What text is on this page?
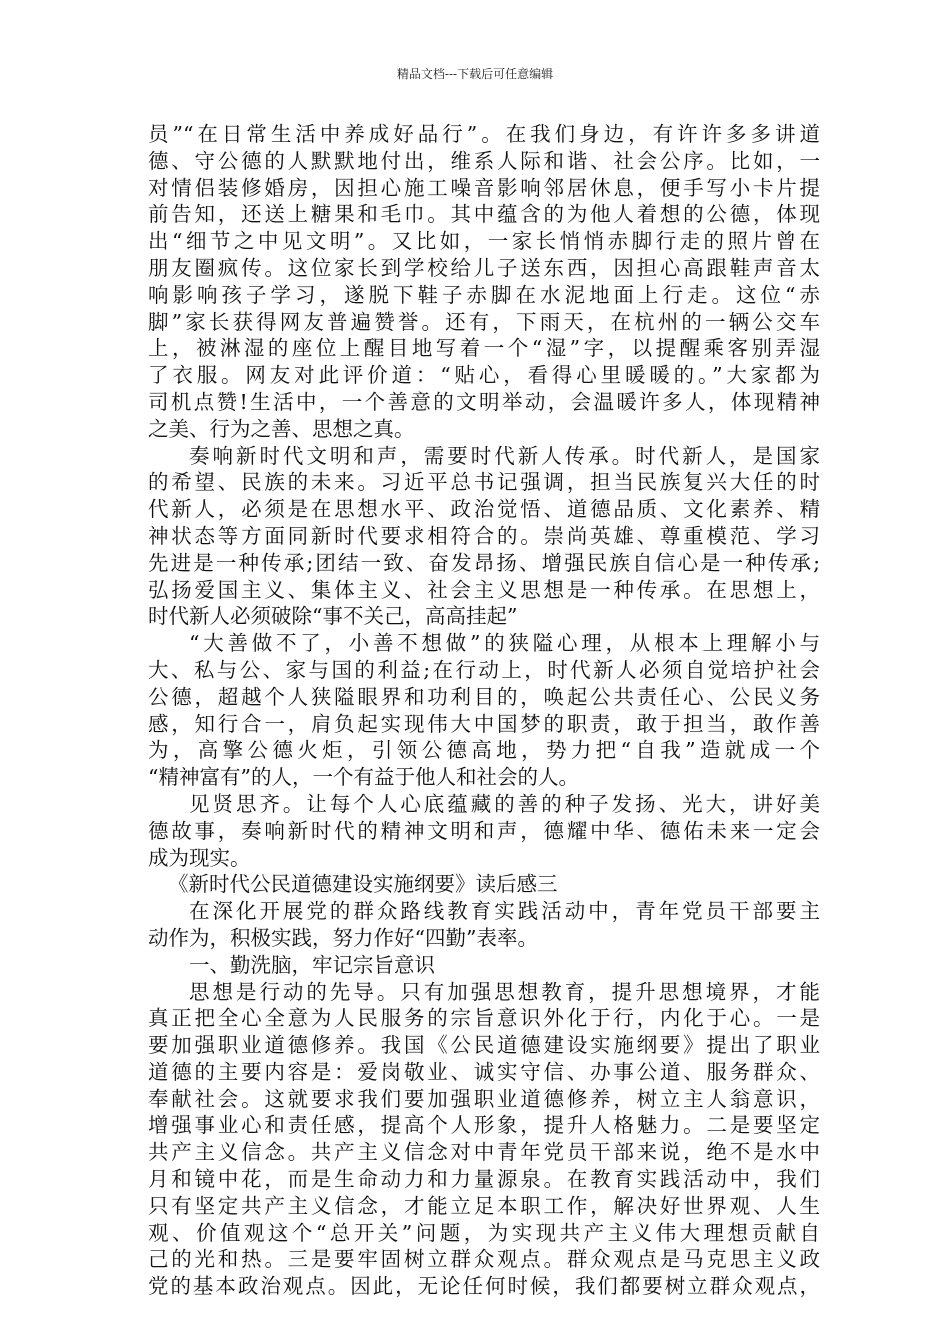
精品文档---下载后可任意编辑
员”“在日常生活中养成好品行”。在我们身边，有许许多多讲道
德、守公德的人默默地付出，维系人际和谐、社会公序。比如，一
对情侣装修婚房，因担心施工噪音影响邻居休息，便手写小卡片提
前告知，还送上糖果和毛巾。其中蕴含的为他人着想的公德，体现
出“细节之中见文明”。又比如，一家长悄悄赤脚行走的照片曾在
朋友圈疯传。这位家长到学校给儿子送东西，因担心高跟鞋声音太
响影响孩子学习，遂脱下鞋子赤脚在水泥地面上行走。这位“赤
脚”家长获得网友普遍赞誉。还有，下雨天，在杭州的一辆公交车
上，被淋湿的座位上醒目地写着一个“湿”字，以提醒乘客别弄湿
了衣服。网友对此评价道：“贴心，看得心里暖暖的。”大家都为
司机点赞!生活中，一个善意的文明举动，会温暖许多人，体现精神
之美、行为之善、思想之真。
奏响新时代文明和声，需要时代新人传承。时代新人，是国家
的希望、民族的未来。习近平总书记强调，担当民族复兴大任的时
代新人，必须是在思想水平、政治觉悟、道德品质、文化素养、精
神状态等方面同新时代要求相符合的。崇尚英雄、尊重模范、学习
先进是一种传承;团结一致、奋发昂扬、增强民族自信心是一种传承;
弘扬爱国主义、集体主义、社会主义思想是一种传承。在思想上，
时代新人必须破除“事不关己，高高挂起”
“大善做不了，小善不想做”的狭隘心理，从根本上理解小与
大、私与公、家与国的利益;在行动上，时代新人必须自觉培护社会
公德，超越个人狭隘眼界和功利目的，唤起公共责任心、公民义务
感，知行合一，肩负起实现伟大中国梦的职责，敢于担当，敢作善
为，高擎公德火炬，引领公德高地，势力把“自我”造就成一个
“精神富有”的人，一个有益于他人和社会的人。
见贤思齐。让每个人心底蕴藏的善的种子发扬、光大，讲好美
德故事，奏响新时代的精神文明和声，德耀中华、德佑未来一定会
成为现实。
《新时代公民道德建设实施纲要》读后感三
在深化开展党的群众路线教育实践活动中，青年党员干部要主
动作为，积极实践，努力作好“四勤”表率。
一、勤洗脑，牢记宗旨意识
思想是行动的先导。只有加强思想教育，提升思想境界，才能
真正把全心全意为人民服务的宗旨意识外化于行，内化于心。一是
要加强职业道德修养。我国《公民道德建设实施纲要》提出了职业
道德的主要内容是：爱岗敬业、诚实守信、办事公道、服务群众、
奉献社会。这就要求我们要加强职业道德修养，树立主人翁意识，
增强事业心和责任感，提高个人形象，提升人格魅力。二是要坚定
共产主义信念。共产主义信念对中青年党员干部来说，绝不是水中
月和镜中花，而是生命动力和力量源泉。在教育实践活动中，我们
只有坚定共产主义信念，才能立足本职工作，解决好世界观、人生
观、价值观这个“总开关”问题，为实现共产主义伟大理想贡献自
己的光和热。三是要牢固树立群众观点。群众观点是马克思主义政
党的基本政治观点。因此，无论任何时候，我们都要树立群众观点，
